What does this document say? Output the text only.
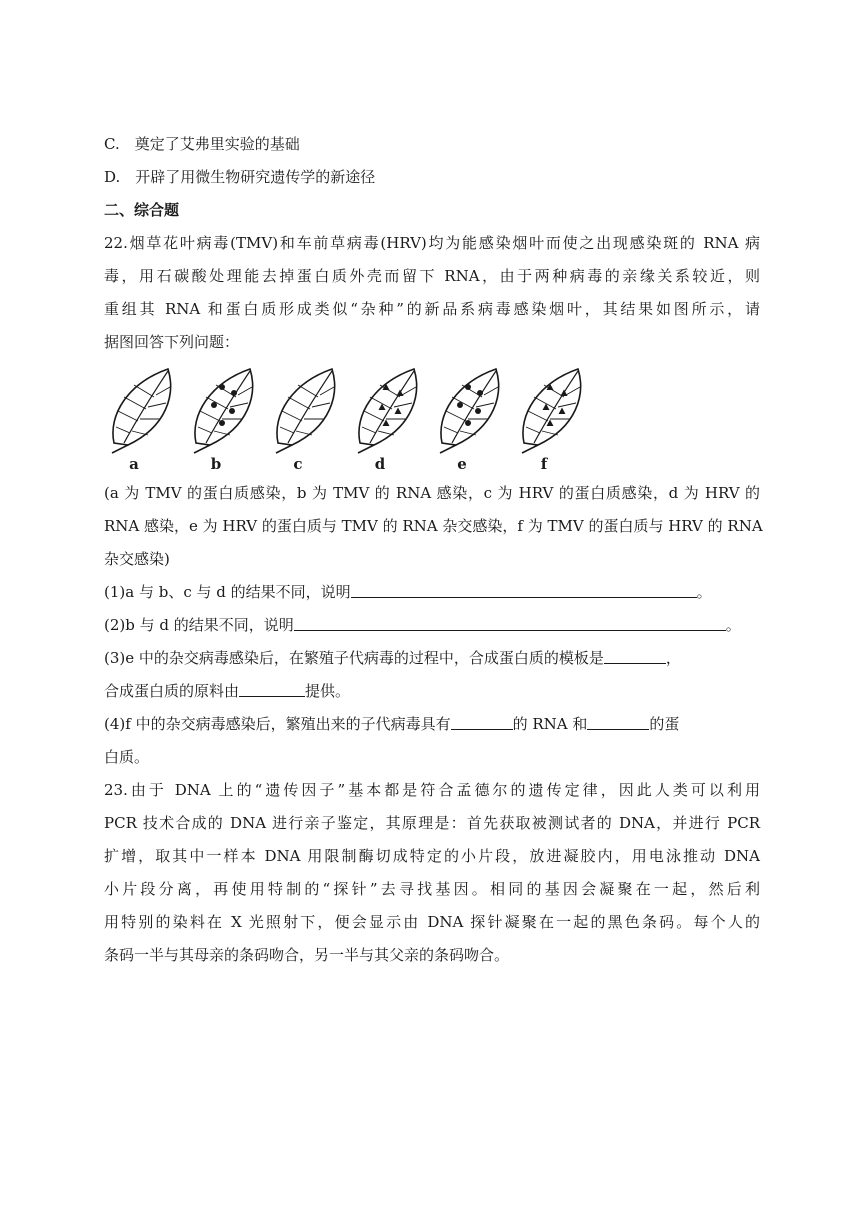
C.　奠定了艾弗里实验的基础
D.　开辟了用微生物研究遗传学的新途径
二、综合题
22.烟草花叶病毒(TMV)和车前草病毒(HRV)均为能感染烟叶而使之出现感染斑的 RNA 病
毒，用石碳酸处理能去掉蛋白质外壳而留下 RNA，由于两种病毒的亲缘关系较近，则
重组其 RNA 和蛋白质形成类似“杂种”的新品系病毒感染烟叶，其结果如图所示，请
据图回答下列问题：
a	b	c	d	e	f
(a 为 TMV 的蛋白质感染，b 为 TMV 的 RNA 感染，c 为 HRV 的蛋白质感染，d 为 HRV 的
RNA 感染，e 为 HRV 的蛋白质与 TMV 的 RNA 杂交感染，f 为 TMV 的蛋白质与 HRV 的 RNA
杂交感染)
(1)a 与 b、c 与 d 的结果不同，说明	。
(2)b 与 d 的结果不同，说明	。
(3)e 中的杂交病毒感染后，在繁殖子代病毒的过程中，合成蛋白质的模板是	，
合成蛋白质的原料由	提供。
(4)f 中的杂交病毒感染后，繁殖出来的子代病毒具有	的 RNA 和	的蛋
白质。
23.由于 DNA 上的“遗传因子”基本都是符合孟德尔的遗传定律，因此人类可以利用
PCR 技术合成的 DNA 进行亲子鉴定，其原理是：首先获取被测试者的 DNA，并进行 PCR
扩增，取其中一样本 DNA 用限制酶切成特定的小片段，放进凝胶内，用电泳推动 DNA
小片段分离，再使用特制的“探针”去寻找基因。相同的基因会凝聚在一起，然后利
用特别的染料在 X 光照射下，便会显示由 DNA 探针凝聚在一起的黑色条码。每个人的
条码一半与其母亲的条码吻合，另一半与其父亲的条码吻合。
